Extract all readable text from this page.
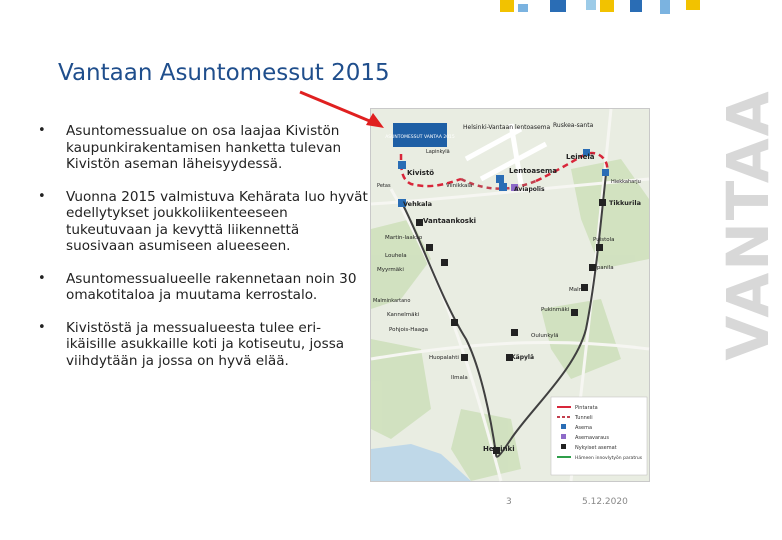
VANTAA
Vantaan Asuntomessut 2015
• Asuntomessualue on osa laajaa Kivistön kaupunkirakentamisen hanketta tulevan Kivistön aseman läheisyydessä.
• Vuonna 2015 valmistuva Kehärata luo hyvät edellytykset joukkoliikenteeseen tukeutuvaan ja kevyttä liikennettä suosivaan asumiseen alueeseen.
• Asuntomessualueelle rakennetaan noin 30 omakotitaloa ja muutama kerrostalo.
• Kivistöstä ja messualueesta tulee eri-ikäisille asukkaille koti ja kotiseutu, jossa viihdytään ja jossa on hyvä elää.
ASUNTOMESSUT VANTAA 2015
Helsinki-Vantaan lentoasema Ruskea-santa
Lapinkylä
Kivistö
Viinikkala
Lentoasema
Leinelä
Hiekkaharju
Aviapolis
Petas
Vehkala
Vantaankoski
Tikkurila
Martin-laakso
Louhela
Myyrmäki
Malminkartano
Kannelmäki
Pohjois-Haaga
Puistola
Tapanila
Malmi
Pukinmäki
Oulunkylä
Käpylä
Huopalahti
Ilmala
Helsinki
Pintarata
Tunneli
Asema
Asemavaraus
Nykyiset asemat
Hämeen innovlytyön paratrus
3	5.12.2020
